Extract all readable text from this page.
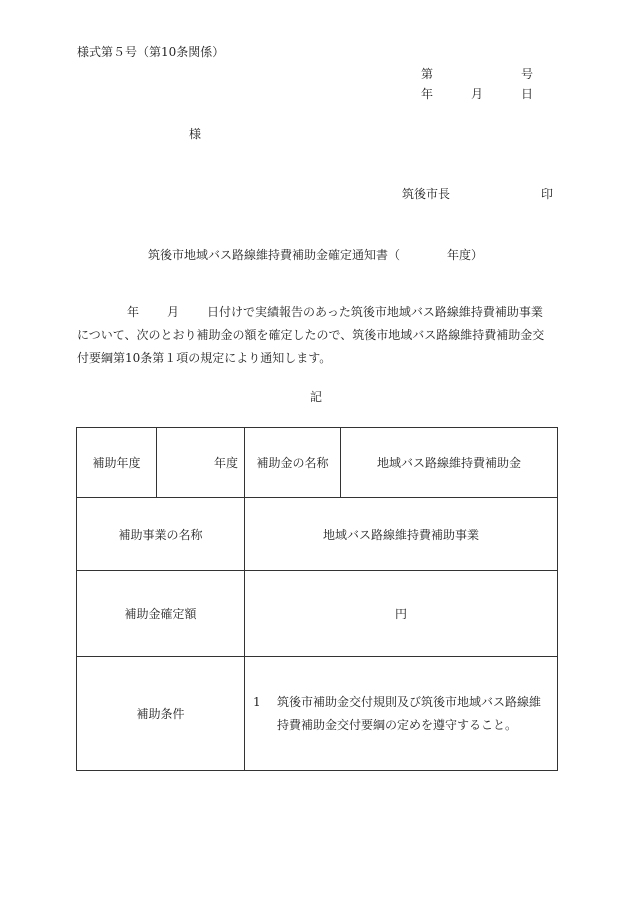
様式第５号（第10条関係）
第	号
年	月	日
様
筑後市長	印
筑後市地域バス路線維持費補助金確定通知書（	年度）
年 月 日付けで実績報告のあった筑後市地域バス路線維持費補助事業
について、次のとおり補助金の額を確定したので、筑後市地域バス路線維持費補助金交
付要綱第10条第１項の規定により通知します。
記
補助年度	年度	補助金の名称	地域バス路線維持費補助金
補助事業の名称		地域バス路線維持費補助事業	
補助金確定額		円	
補助条件		1 筑後市補助金交付規則及び筑後市地域バス路線維持費補助金交付要綱の定めを遵守すること。	
